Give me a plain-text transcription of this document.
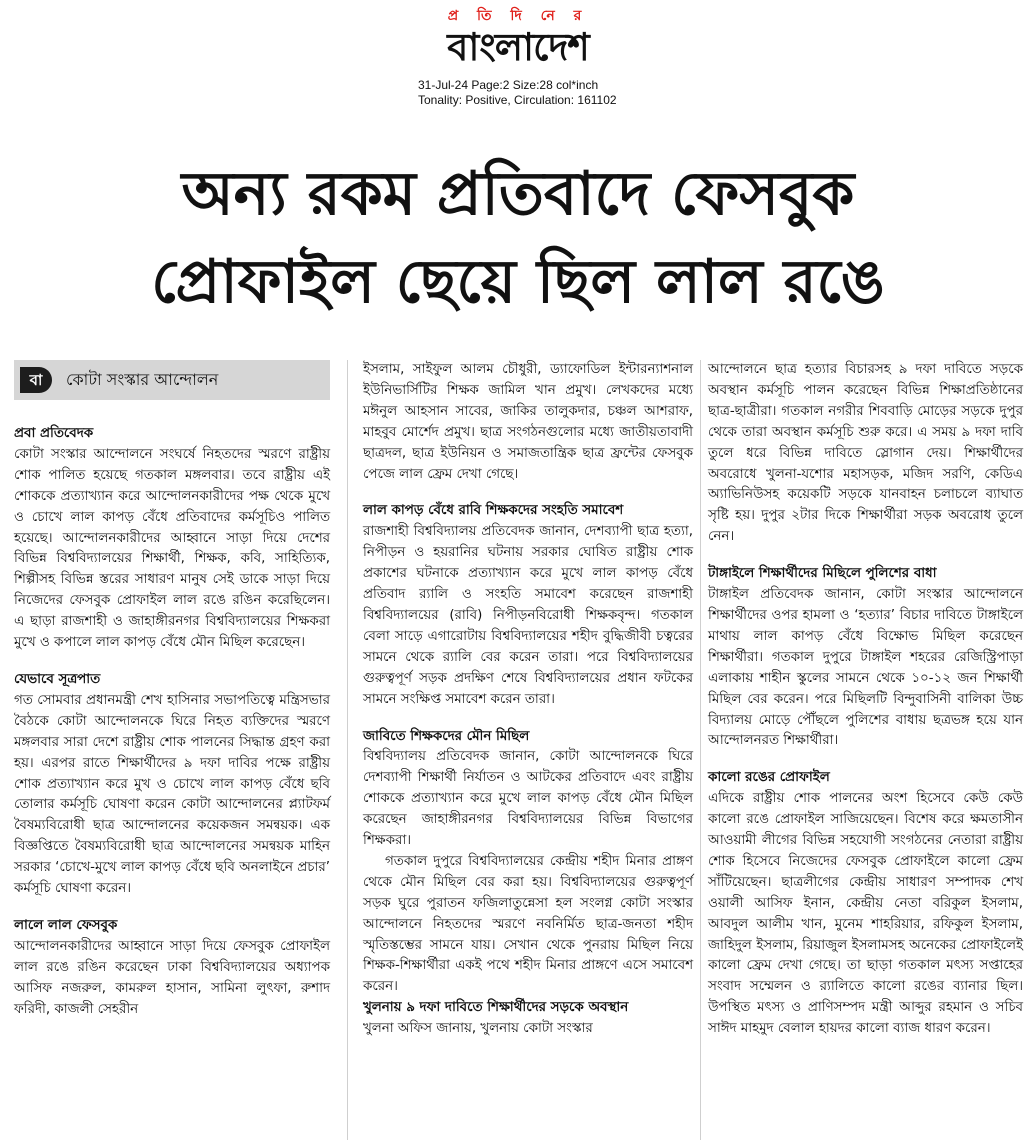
প্র তি দি নে র
বাংলাদেশ
31-Jul-24 Page:2 Size:28 col*inch
Tonality: Positive, Circulation: 161102
অন্য রকম প্রতিবাদে ফেসবুক
প্রোফাইল ছেয়ে ছিল লাল রঙে
বা	কোটা সংস্কার আন্দোলন

প্রবা প্রতিবেদক

কোটা সংস্কার আন্দোলনে সংঘর্ষে নিহতদের স্মরণে রাষ্ট্রীয় শোক পালিত হয়েছে গতকাল মঙ্গলবার। তবে রাষ্ট্রীয় এই শোককে প্রত্যাখ্যান করে আন্দোলনকারীদের পক্ষ থেকে মুখে ও চোখে লাল কাপড় বেঁধে প্রতিবাদের কর্মসূচিও পালিত হয়েছে। আন্দোলনকারীদের আহ্বানে সাড়া দিয়ে দেশের বিভিন্ন বিশ্ববিদ্যালয়ের শিক্ষার্থী, শিক্ষক, কবি, সাহিত্যিক, শিল্পীসহ বিভিন্ন স্তরের সাধারণ মানুষ সেই ডাকে সাড়া দিয়ে নিজেদের ফেসবুক প্রোফাইল লাল রঙে রঙিন করেছিলেন। এ ছাড়া রাজশাহী ও জাহাঙ্গীরনগর বিশ্ববিদ্যালয়ের শিক্ষকরা মুখে ও কপালে লাল কাপড় বেঁধে মৌন মিছিল করেছেন।

যেভাবে সূত্রপাত

গত সোমবার প্রধানমন্ত্রী শেখ হাসিনার সভাপতিত্বে মন্ত্রিসভার বৈঠকে কোটা আন্দোলনকে ঘিরে নিহত ব্যক্তিদের স্মরণে মঙ্গলবার সারা দেশে রাষ্ট্রীয় শোক পালনের সিদ্ধান্ত গ্রহণ করা হয়। এরপর রাতে শিক্ষার্থীদের ৯ দফা দাবির পক্ষে রাষ্ট্রীয় শোক প্রত্যাখ্যান করে মুখ ও চোখে লাল কাপড় বেঁধে ছবি তোলার কর্মসূচি ঘোষণা করেন কোটা আন্দোলনের প্ল্যাটফর্ম বৈষম্যবিরোধী ছাত্র আন্দোলনের কয়েকজন সমন্বয়ক। এক বিজ্ঞপ্তিতে বৈষম্যবিরোধী ছাত্র আন্দোলনের সমন্বয়ক মাহিন সরকার ‘চোখে-মুখে লাল কাপড় বেঁধে ছবি অনলাইনে প্রচার’ কর্মসূচি ঘোষণা করেন।

লালে লাল ফেসবুক

আন্দোলনকারীদের আহ্বানে সাড়া দিয়ে ফেসবুক প্রোফাইল লাল রঙে রঙিন করেছেন ঢাকা বিশ্ববিদ্যালয়ের অধ্যাপক আসিফ নজরুল, কামরুল হাসান, সামিনা লুৎফা, রুশাদ ফরিদী, কাজলী সেহরীন

ইসলাম, সাইফুল আলম চৌধুরী, ড্যাফোডিল ইন্টারন্যাশনাল ইউনিভার্সিটির শিক্ষক জামিল খান প্রমুখ। লেখকদের মধ্যে মঈনুল আহসান সাবের, জাকির তালুকদার, চঞ্চল আশরাফ, মাহবুব মোর্শেদ প্রমুখ। ছাত্র সংগঠনগুলোর মধ্যে জাতীয়তাবাদী ছাত্রদল, ছাত্র ইউনিয়ন ও সমাজতান্ত্রিক ছাত্র ফ্রন্টের ফেসবুক পেজে লাল ফ্রেম দেখা গেছে।

লাল কাপড় বেঁধে রাবি শিক্ষকদের সংহতি সমাবেশ

রাজশাহী বিশ্ববিদ্যালয় প্রতিবেদক জানান, দেশব্যাপী ছাত্র হত্যা, নিপীড়ন ও হয়রানির ঘটনায় সরকার ঘোষিত রাষ্ট্রীয় শোক প্রকাশের ঘটনাকে প্রত্যাখ্যান করে মুখে লাল কাপড় বেঁধে প্রতিবাদ র‍্যালি ও সংহতি সমাবেশ করেছেন রাজশাহী বিশ্ববিদ্যালয়ের (রাবি) নিপীড়নবিরোধী শিক্ষকবৃন্দ। গতকাল বেলা সাড়ে এগারোটায় বিশ্ববিদ্যালয়ের শহীদ বুদ্ধিজীবী চত্বরের সামনে থেকে র‍্যালি বের করেন তারা। পরে বিশ্ববিদ্যালয়ের গুরুত্বপূর্ণ সড়ক প্রদক্ষিণ শেষে বিশ্ববিদ্যালয়ের প্রধান ফটকের সামনে সংক্ষিপ্ত সমাবেশ করেন তারা।

জাবিতে শিক্ষকদের মৌন মিছিল

বিশ্ববিদ্যালয় প্রতিবেদক জানান, কোটা আন্দোলনকে ঘিরে দেশব্যাপী শিক্ষার্থী নির্যাতন ও আটকের প্রতিবাদে এবং রাষ্ট্রীয় শোককে প্রত্যাখ্যান করে মুখে লাল কাপড় বেঁধে মৌন মিছিল করেছেন জাহাঙ্গীরনগর বিশ্ববিদ্যালয়ের বিভিন্ন বিভাগের শিক্ষকরা।

গতকাল দুপুরে বিশ্ববিদ্যালয়ের কেন্দ্রীয় শহীদ মিনার প্রাঙ্গণ থেকে মৌন মিছিল বের করা হয়। বিশ্ববিদ্যালয়ের গুরুত্বপূর্ণ সড়ক ঘুরে পুরাতন ফজিলাতুন্নেসা হল সংলগ্ন কোটা সংস্কার আন্দোলনে নিহতদের স্মরণে নবনির্মিত ছাত্র-জনতা শহীদ স্মৃতিস্তম্ভের সামনে যায়। সেখান থেকে পুনরায় মিছিল নিয়ে শিক্ষক-শিক্ষার্থীরা একই পথে শহীদ মিনার প্রাঙ্গণে এসে সমাবেশ করেন।

খুলনায় ৯ দফা দাবিতে শিক্ষার্থীদের সড়কে অবস্থান

খুলনা অফিস জানায়, খুলনায় কোটা সংস্কার

আন্দোলনে ছাত্র হত্যার বিচারসহ ৯ দফা দাবিতে সড়কে অবস্থান কর্মসূচি পালন করেছেন বিভিন্ন শিক্ষাপ্রতিষ্ঠানের ছাত্র-ছাত্রীরা। গতকাল নগরীর শিববাড়ি মোড়ের সড়কে দুপুর থেকে তারা অবস্থান কর্মসূচি শুরু করে। এ সময় ৯ দফা দাবি তুলে ধরে বিভিন্ন দাবিতে স্লোগান দেয়। শিক্ষার্থীদের অবরোধে খুলনা-যশোর মহাসড়ক, মজিদ সরণি, কেডিএ অ্যাভিনিউসহ কয়েকটি সড়কে যানবাহন চলাচলে ব্যাঘাত সৃষ্টি হয়। দুপুর ২টার দিকে শিক্ষার্থীরা সড়ক অবরোধ তুলে নেন।

টাঙ্গাইলে শিক্ষার্থীদের মিছিলে পুলিশের বাধা

টাঙ্গাইল প্রতিবেদক জানান, কোটা সংস্কার আন্দোলনে শিক্ষার্থীদের ওপর হামলা ও ‘হত্যার’ বিচার দাবিতে টাঙ্গাইলে মাথায় লাল কাপড় বেঁধে বিক্ষোভ মিছিল করেছেন শিক্ষার্থীরা। গতকাল দুপুরে টাঙ্গাইল শহরের রেজিস্ট্রিপাড়া এলাকায় শাহীন স্কুলের সামনে থেকে ১০-১২ জন শিক্ষার্থী মিছিল বের করেন। পরে মিছিলটি বিন্দুবাসিনী বালিকা উচ্চ বিদ্যালয় মোড়ে পৌঁছলে পুলিশের বাধায় ছত্রভঙ্গ হয়ে যান আন্দোলনরত শিক্ষার্থীরা।

কালো রঙের প্রোফাইল

এদিকে রাষ্ট্রীয় শোক পালনের অংশ হিসেবে কেউ কেউ কালো রঙে প্রোফাইল সাজিয়েছেন। বিশেষ করে ক্ষমতাসীন আওয়ামী লীগের বিভিন্ন সহযোগী সংগঠনের নেতারা রাষ্ট্রীয় শোক হিসেবে নিজেদের ফেসবুক প্রোফাইলে কালো ফ্রেম সাঁটিয়েছেন। ছাত্রলীগের কেন্দ্রীয় সাধারণ সম্পাদক শেখ ওয়ালী আসিফ ইনান, কেন্দ্রীয় নেতা বরিকুল ইসলাম, আবদুল আলীম খান, মুনেম শাহরিয়ার, রফিকুল ইসলাম, জাহিদুল ইসলাম, রিয়াজুল ইসলামসহ অনেকের প্রোফাইলেই কালো ফ্রেম দেখা গেছে। তা ছাড়া গতকাল মৎস্য সপ্তাহের সংবাদ সম্মেলন ও র‍্যালিতে কালো রঙের ব্যানার ছিল। উপস্থিত মৎস্য ও প্রাণিসম্পদ মন্ত্রী আব্দুর রহমান ও সচিব সাঈদ মাহমুদ বেলাল হায়দর কালো ব্যাজ ধারণ করেন।
